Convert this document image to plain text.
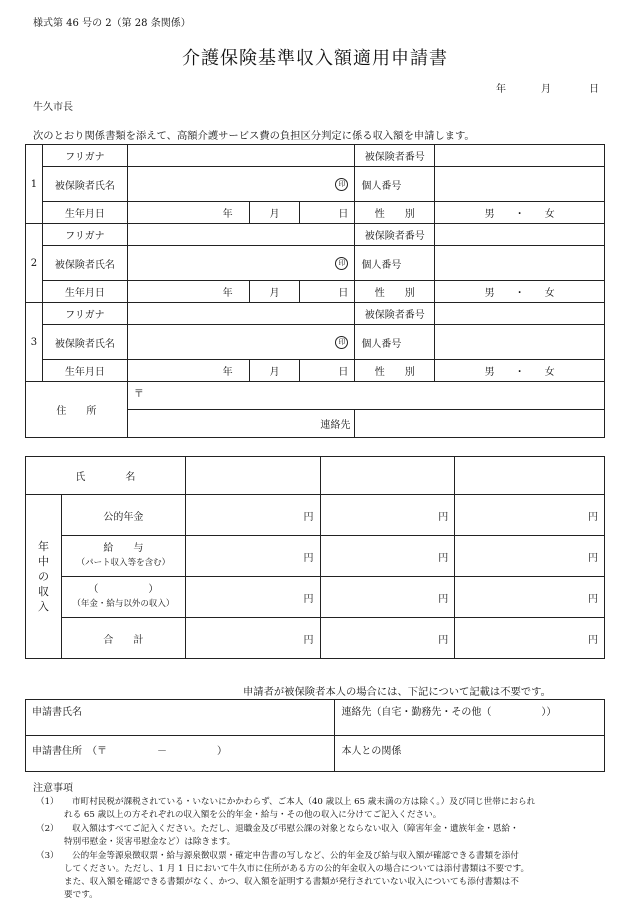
様式第 46 号の 2（第 28 条関係）
介護保険基準収入額適用申請書
年	月	日
牛久市長
次のとおり関係書類を添えて、高額介護サービス費の負担区分判定に係る収入額を申請します。
1	フリガナ				被保険者番号	

	被保険者氏名	印			個人番号	

	生年月日	年	月	日	性　　別	男　　 ・　　 女
2	フリガナ				被保険者番号	

	被保険者氏名	印			個人番号	

	生年月日	年	月	日	性　　別	男　　 ・　　 女
3	フリガナ				被保険者番号	

	被保険者氏名	印			個人番号	

	生年月日	年	月	日	性　　別	男　　 ・　　 女
住　　所		〒				
		連絡先				
氏　　　　名				

年中の収入	公的年金	円	円	円

	給　　与
（パート収入等を含む）	円	円	円

	（　　　　　）
（年金・給与以外の収入）	円	円	円
	合　　計	円	円	円
申請者が被保険者本人の場合には、下記について記載は不要です。
申請書氏名	連絡先（自宅・勤務先・その他（　　　　　））
申請書住所　（〒　　　　　－　　　　　）	本人との関係
注意事項
（1） 市町村民税が課税されている・いないにかかわらず、ご本人（40 歳以上 65 歳未満の方は除く。）及び同じ世帯におられ
れる 65 歳以上の方それぞれの収入額を公的年金・給与・その他の収入に分けてご記入ください。
（2） 収入額はすべてご記入ください。ただし、退職金及び弔慰公課の対象とならない収入（障害年金・遺族年金・恩給・
特別弔慰金・災害弔慰金など）は除きます。
（3） 公的年金等源泉徴収票・給与源泉徴収票・確定申告書の写しなど、公的年金及び給与収入額が確認できる書類を添付
してください。ただし、1 月 1 日において牛久市に住所がある方の公的年金収入の場合については添付書類は不要です。
また、収入額を確認できる書類がなく、かつ、収入額を証明する書類が発行されていない収入についても添付書類は不
要です。
